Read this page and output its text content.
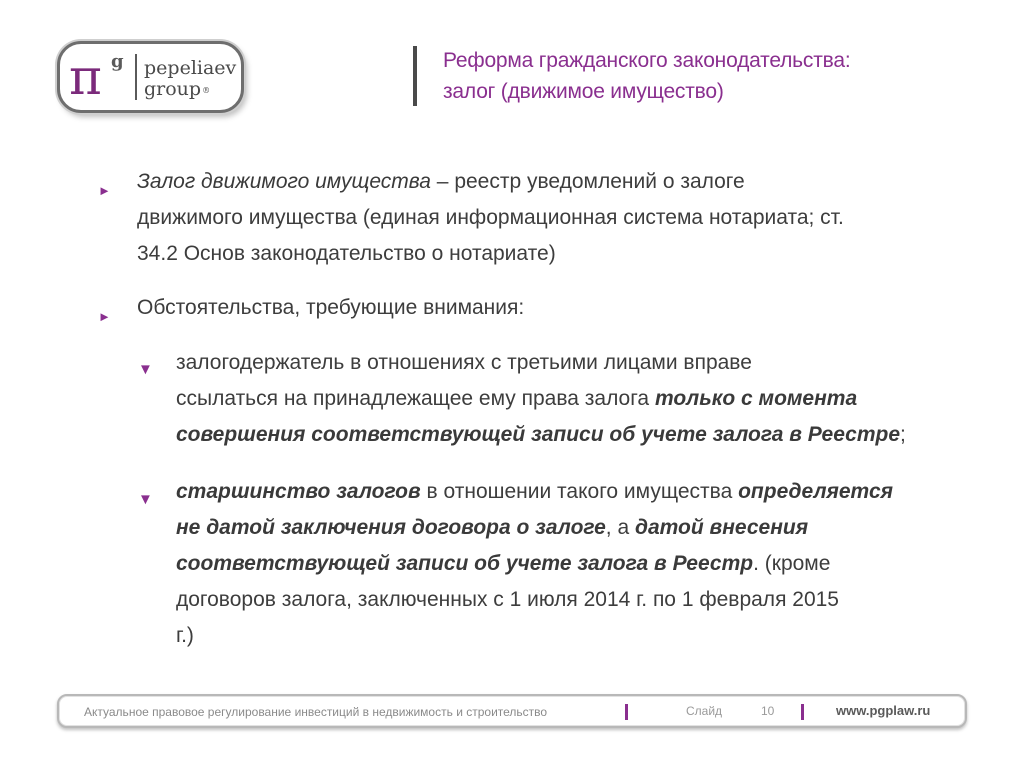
π g pepeliaev
group®
Реформа гражданского законодательства:
залог (движимое имущество)
► Залог движимого имущества – реестр уведомлений о залоге
движимого имущества (единая информационная система нотариата; ст.
34.2 Основ законодательство о нотариате)
► Обстоятельства, требующие внимания:
▼ залогодержатель в отношениях с третьими лицами вправе
ссылаться на принадлежащее ему права залога только с момента
совершения соответствующей записи об учете залога в Реестре;
▼ старшинство залогов в отношении такого имущества определяется
не датой заключения договора о залоге, а датой внесения
соответствующей записи об учете залога в Реестр. (кроме
договоров залога, заключенных с 1 июля 2014 г. по 1 февраля 2015
г.)
Актуальное правовое регулирование инвестиций в недвижимость и строительство	Слайд	10	www.pgplaw.ru
